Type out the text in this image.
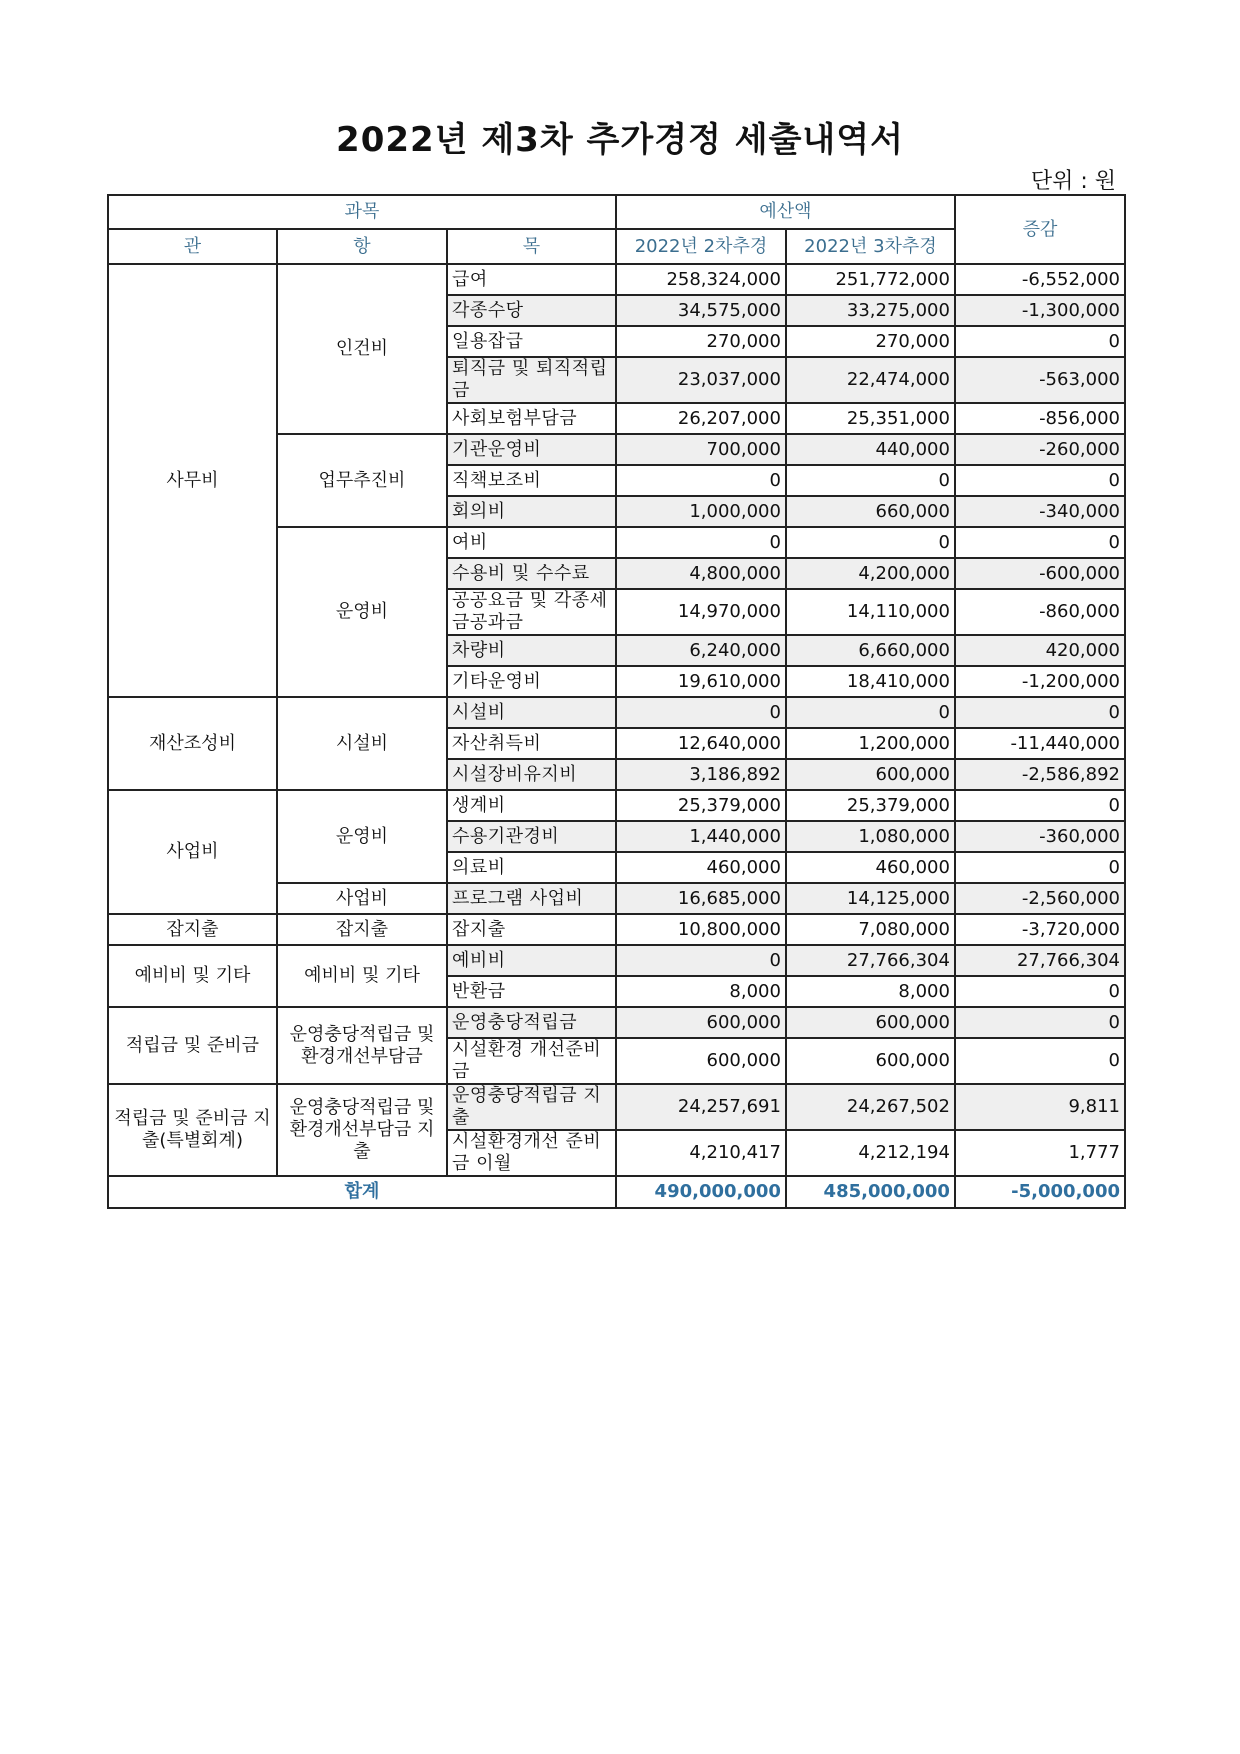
2022년 제3차 추가경정 세출내역서
단위 : 원
과목			예산액		증감
관	항	목	2022년 2차추경	2022년 3차추경	
사무비	인건비	급여	258,324,000	251,772,000	-6,552,000
		각종수당	34,575,000	33,275,000	-1,300,000
		일용잡급	270,000	270,000	0
		퇴직금 및 퇴직적립금	23,037,000	22,474,000	-563,000
		사회보험부담금	26,207,000	25,351,000	-856,000
	업무추진비	기관운영비	700,000	440,000	-260,000
		직책보조비	0	0	0
		회의비	1,000,000	660,000	-340,000
	운영비	여비	0	0	0
		수용비 및 수수료	4,800,000	4,200,000	-600,000
		공공요금 및 각종세금공과금	14,970,000	14,110,000	-860,000
		차량비	6,240,000	6,660,000	420,000
		기타운영비	19,610,000	18,410,000	-1,200,000
재산조성비	시설비	시설비	0	0	0
		자산취득비	12,640,000	1,200,000	-11,440,000
		시설장비유지비	3,186,892	600,000	-2,586,892
사업비	운영비	생계비	25,379,000	25,379,000	0
		수용기관경비	1,440,000	1,080,000	-360,000
		의료비	460,000	460,000	0
	사업비	프로그램 사업비	16,685,000	14,125,000	-2,560,000
잡지출	잡지출	잡지출	10,800,000	7,080,000	-3,720,000
예비비 및 기타	예비비 및 기타	예비비	0	27,766,304	27,766,304
		반환금	8,000	8,000	0
적립금 및 준비금	운영충당적립금 및 환경개선부담금	운영충당적립금	600,000	600,000	0
		시설환경 개선준비금	600,000	600,000	0
적립금 및 준비금 지출(특별회계)	운영충당적립금 및 환경개선부담금 지출	운영충당적립금 지출	24,257,691	24,267,502	9,811
		시설환경개선 준비금 이월	4,210,417	4,212,194	1,777
합계			490,000,000	485,000,000	-5,000,000
